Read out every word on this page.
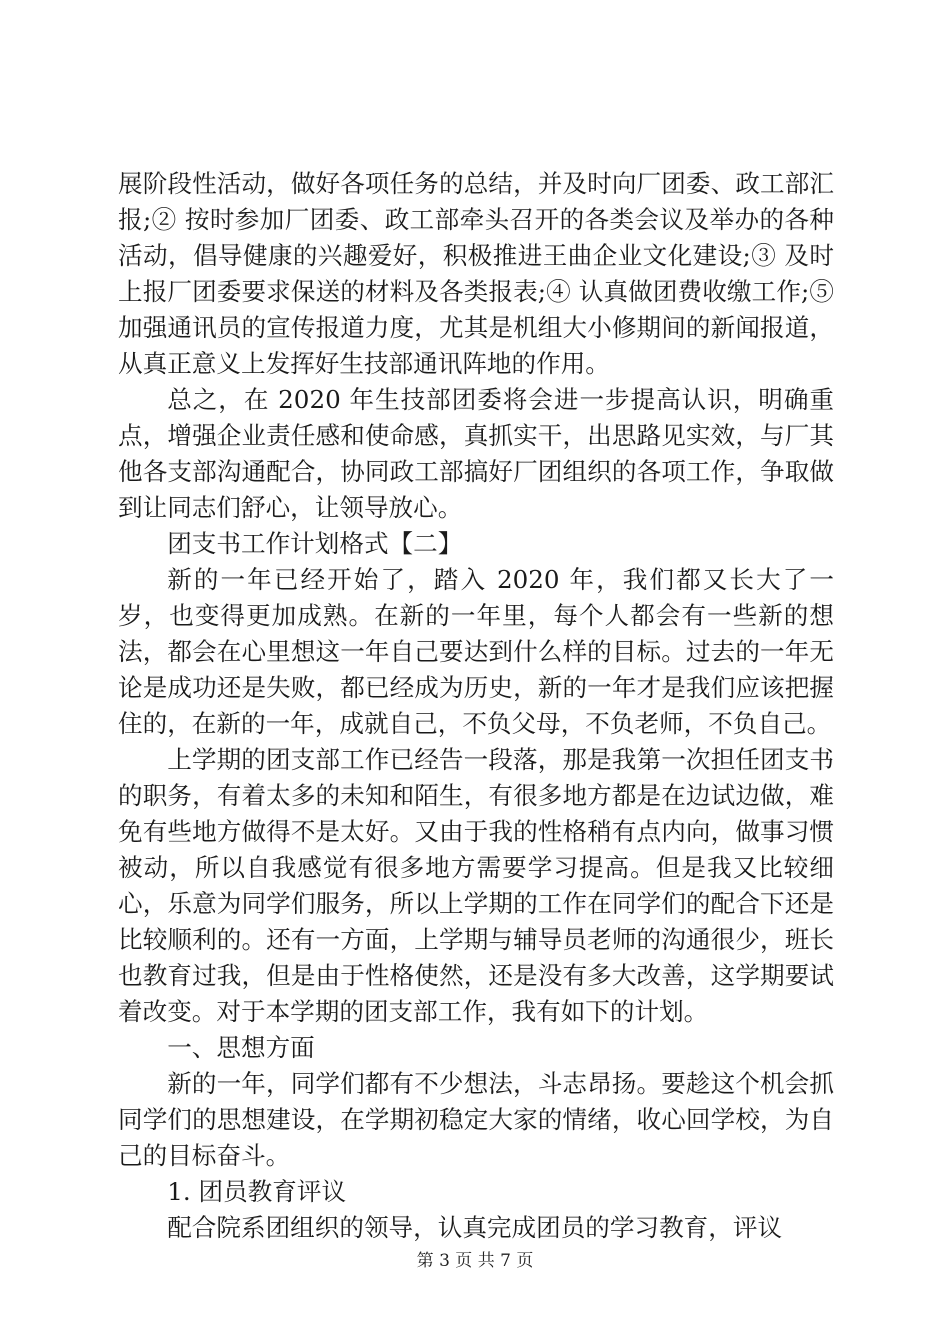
展阶段性活动，做好各项任务的总结，并及时向厂团委、政工部汇报;② 按时参加厂团委、政工部牵头召开的各类会议及举办的各种活动，倡导健康的兴趣爱好，积极推进王曲企业文化建设;③ 及时上报厂团委要求保送的材料及各类报表;④ 认真做团费收缴工作;⑤ 加强通讯员的宣传报道力度，尤其是机组大小修期间的新闻报道，从真正意义上发挥好生技部通讯阵地的作用。

总之，在 2020 年生技部团委将会进一步提高认识，明确重点，增强企业责任感和使命感，真抓实干，出思路见实效，与厂其他各支部沟通配合，协同政工部搞好厂团组织的各项工作，争取做到让同志们舒心，让领导放心。

团支书工作计划格式【二】

新的一年已经开始了，踏入 2020 年，我们都又长大了一岁，也变得更加成熟。在新的一年里，每个人都会有一些新的想法，都会在心里想这一年自己要达到什么样的目标。过去的一年无论是成功还是失败，都已经成为历史，新的一年才是我们应该把握住的，在新的一年，成就自己，不负父母，不负老师，不负自己。

上学期的团支部工作已经告一段落，那是我第一次担任团支书的职务，有着太多的未知和陌生，有很多地方都是在边试边做，难免有些地方做得不是太好。又由于我的性格稍有点内向，做事习惯被动，所以自我感觉有很多地方需要学习提高。但是我又比较细心，乐意为同学们服务，所以上学期的工作在同学们的配合下还是比较顺利的。还有一方面，上学期与辅导员老师的沟通很少，班长也教育过我，但是由于性格使然，还是没有多大改善，这学期要试着改变。对于本学期的团支部工作，我有如下的计划。

一、思想方面

新的一年，同学们都有不少想法，斗志昂扬。要趁这个机会抓同学们的思想建设，在学期初稳定大家的情绪，收心回学校，为自己的目标奋斗。

1. 团员教育评议

配合院系团组织的领导，认真完成团员的学习教育，评议

第 3 页 共 7 页
